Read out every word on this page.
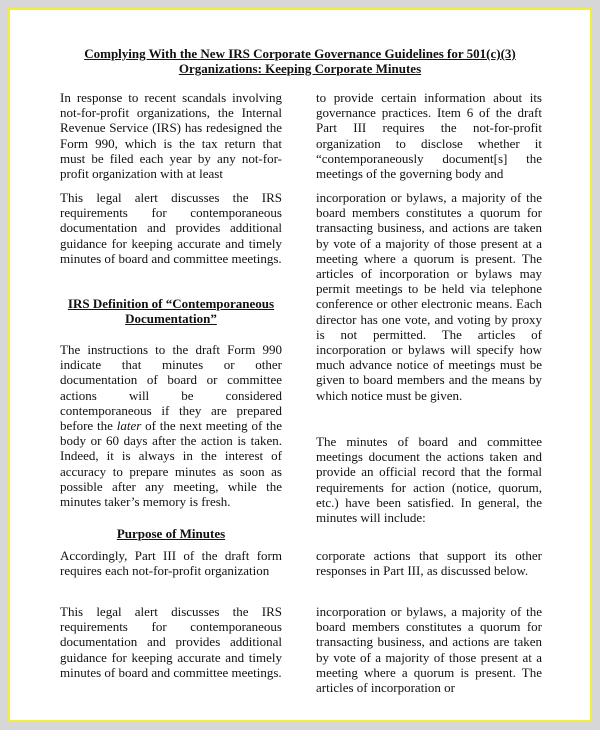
Complying With the New IRS Corporate Governance Guidelines for 501(c)(3)
Organizations: Keeping Corporate Minutes

In response to recent scandals involving not-for-profit organizations, the Internal Revenue Service (IRS) has redesigned the Form 990, which is the tax return that must be filed each year by any not-for-profit organization with at least

to provide certain information about its governance practices. Item 6 of the draft Part III requires the not-for-profit organization to disclose whether it “contemporaneously document[s] the meetings of the governing body and

This legal alert discusses the IRS requirements for contemporaneous documentation and provides additional guidance for keeping accurate and timely minutes of board and committee meetings.

IRS Definition of “Contemporaneous
Documentation”

The instructions to the draft Form 990 indicate that minutes or other documentation of board or committee actions will be considered contemporaneous if they are prepared before the later of the next meeting of the body or 60 days after the action is taken. Indeed, it is always in the interest of accuracy to prepare minutes as soon as possible after any meeting, while the minutes taker’s memory is fresh.

Purpose of Minutes

Accordingly, Part III of the draft form requires each not-for-profit organization

This legal alert discusses the IRS requirements for contemporaneous documentation and provides additional guidance for keeping accurate and timely minutes of board and committee meetings.

incorporation or bylaws, a majority of the board members constitutes a quorum for transacting business, and actions are taken by vote of a majority of those present at a meeting where a quorum is present. The articles of incorporation or bylaws may permit meetings to be held via telephone conference or other electronic means. Each director has one vote, and voting by proxy is not permitted. The articles of incorporation or bylaws will specify how much advance notice of meetings must be given to board members and the means by which notice must be given.

The minutes of board and committee meetings document the actions taken and provide an official record that the formal requirements for action (notice, quorum, etc.) have been satisfied. In general, the minutes will include:

corporate actions that support its other responses in Part III, as discussed below.

incorporation or bylaws, a majority of the board members constitutes a quorum for transacting business, and actions are taken by vote of a majority of those present at a meeting where a quorum is present. The articles of incorporation or
